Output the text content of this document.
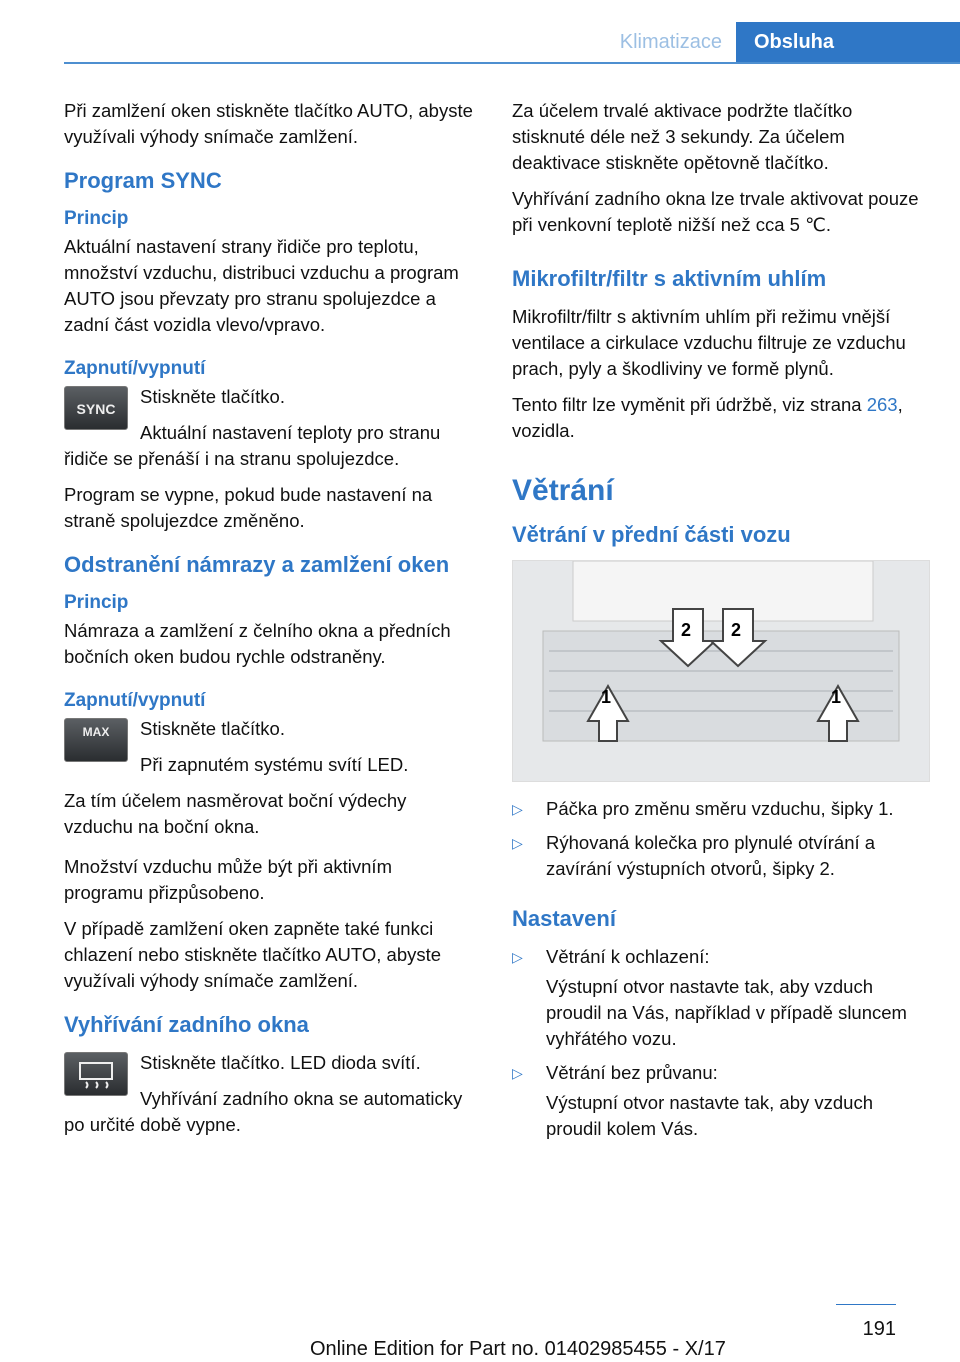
Klimatizace	Obsluha

Při zamlžení oken stiskněte tlačítko AUTO, abyste využívali výhody snímače zamlžení.

Program SYNC
Princip

Aktuální nastavení strany řidiče pro teplotu, množství vzduchu, distribuci vzduchu a program AUTO jsou převzaty pro stranu spolujezdce a zadní část vozidla vlevo/vpravo.

Zapnutí/vypnutí
SYNC

Stiskněte tlačítko.

Aktuální nastavení teploty pro stranu řidiče se přenáší i na stranu spolujezdce.

Program se vypne, pokud bude nastavení na straně spolujezdce změněno.

Odstranění námrazy a zamlžení oken
Princip

Námraza a zamlžení z čelního okna a předních bočních oken budou rychle odstraněny.

Zapnutí/vypnutí
MAX	Stiskněte tlačítko.

Při zapnutém systému svítí LED.

Za tím účelem nasměrovat boční výdechy vzduchu na boční okna.

Množství vzduchu může být při aktivním programu přizpůsobeno.

V případě zamlžení oken zapněte také funkci chlazení nebo stiskněte tlačítko AUTO, abyste využívali výhody snímače zamlžení.

Vyhřívání zadního okna

Stiskněte tlačítko. LED dioda svítí.

Vyhřívání zadního okna se automaticky po určité době vypne.

Za účelem trvalé aktivace podržte tlačítko stisknuté déle než 3 sekundy. Za účelem deaktivace stiskněte opětovně tlačítko.

Vyhřívání zadního okna lze trvale aktivovat pouze při venkovní teplotě nižší než cca 5 ℃.

Mikrofiltr/filtr s aktivním uhlím

Mikrofiltr/filtr s aktivním uhlím při režimu vnější ventilace a cirkulace vzduchu filtruje ze vzduchu prach, pyly a škodliviny ve formě plynů.

Tento filtr lze vyměnit při údržbě, viz strana 263, vozidla.

Větrání
Větrání v přední části vozu
1	1
2 2
▷ Páčka pro změnu směru vzduchu, šipky 1.
▷ Rýhovaná kolečka pro plynulé otvírání a zavírání výstupních otvorů, šipky 2.
Nastavení
▷ Větrání k ochlazení:
Výstupní otvor nastavte tak, aby vzduch proudil na Vás, například v případě sluncem vyhřátého vozu.
▷ Větrání bez průvanu:
Výstupní otvor nastavte tak, aby vzduch proudil kolem Vás.
191
Online Edition for Part no. 01402985455 - X/17
